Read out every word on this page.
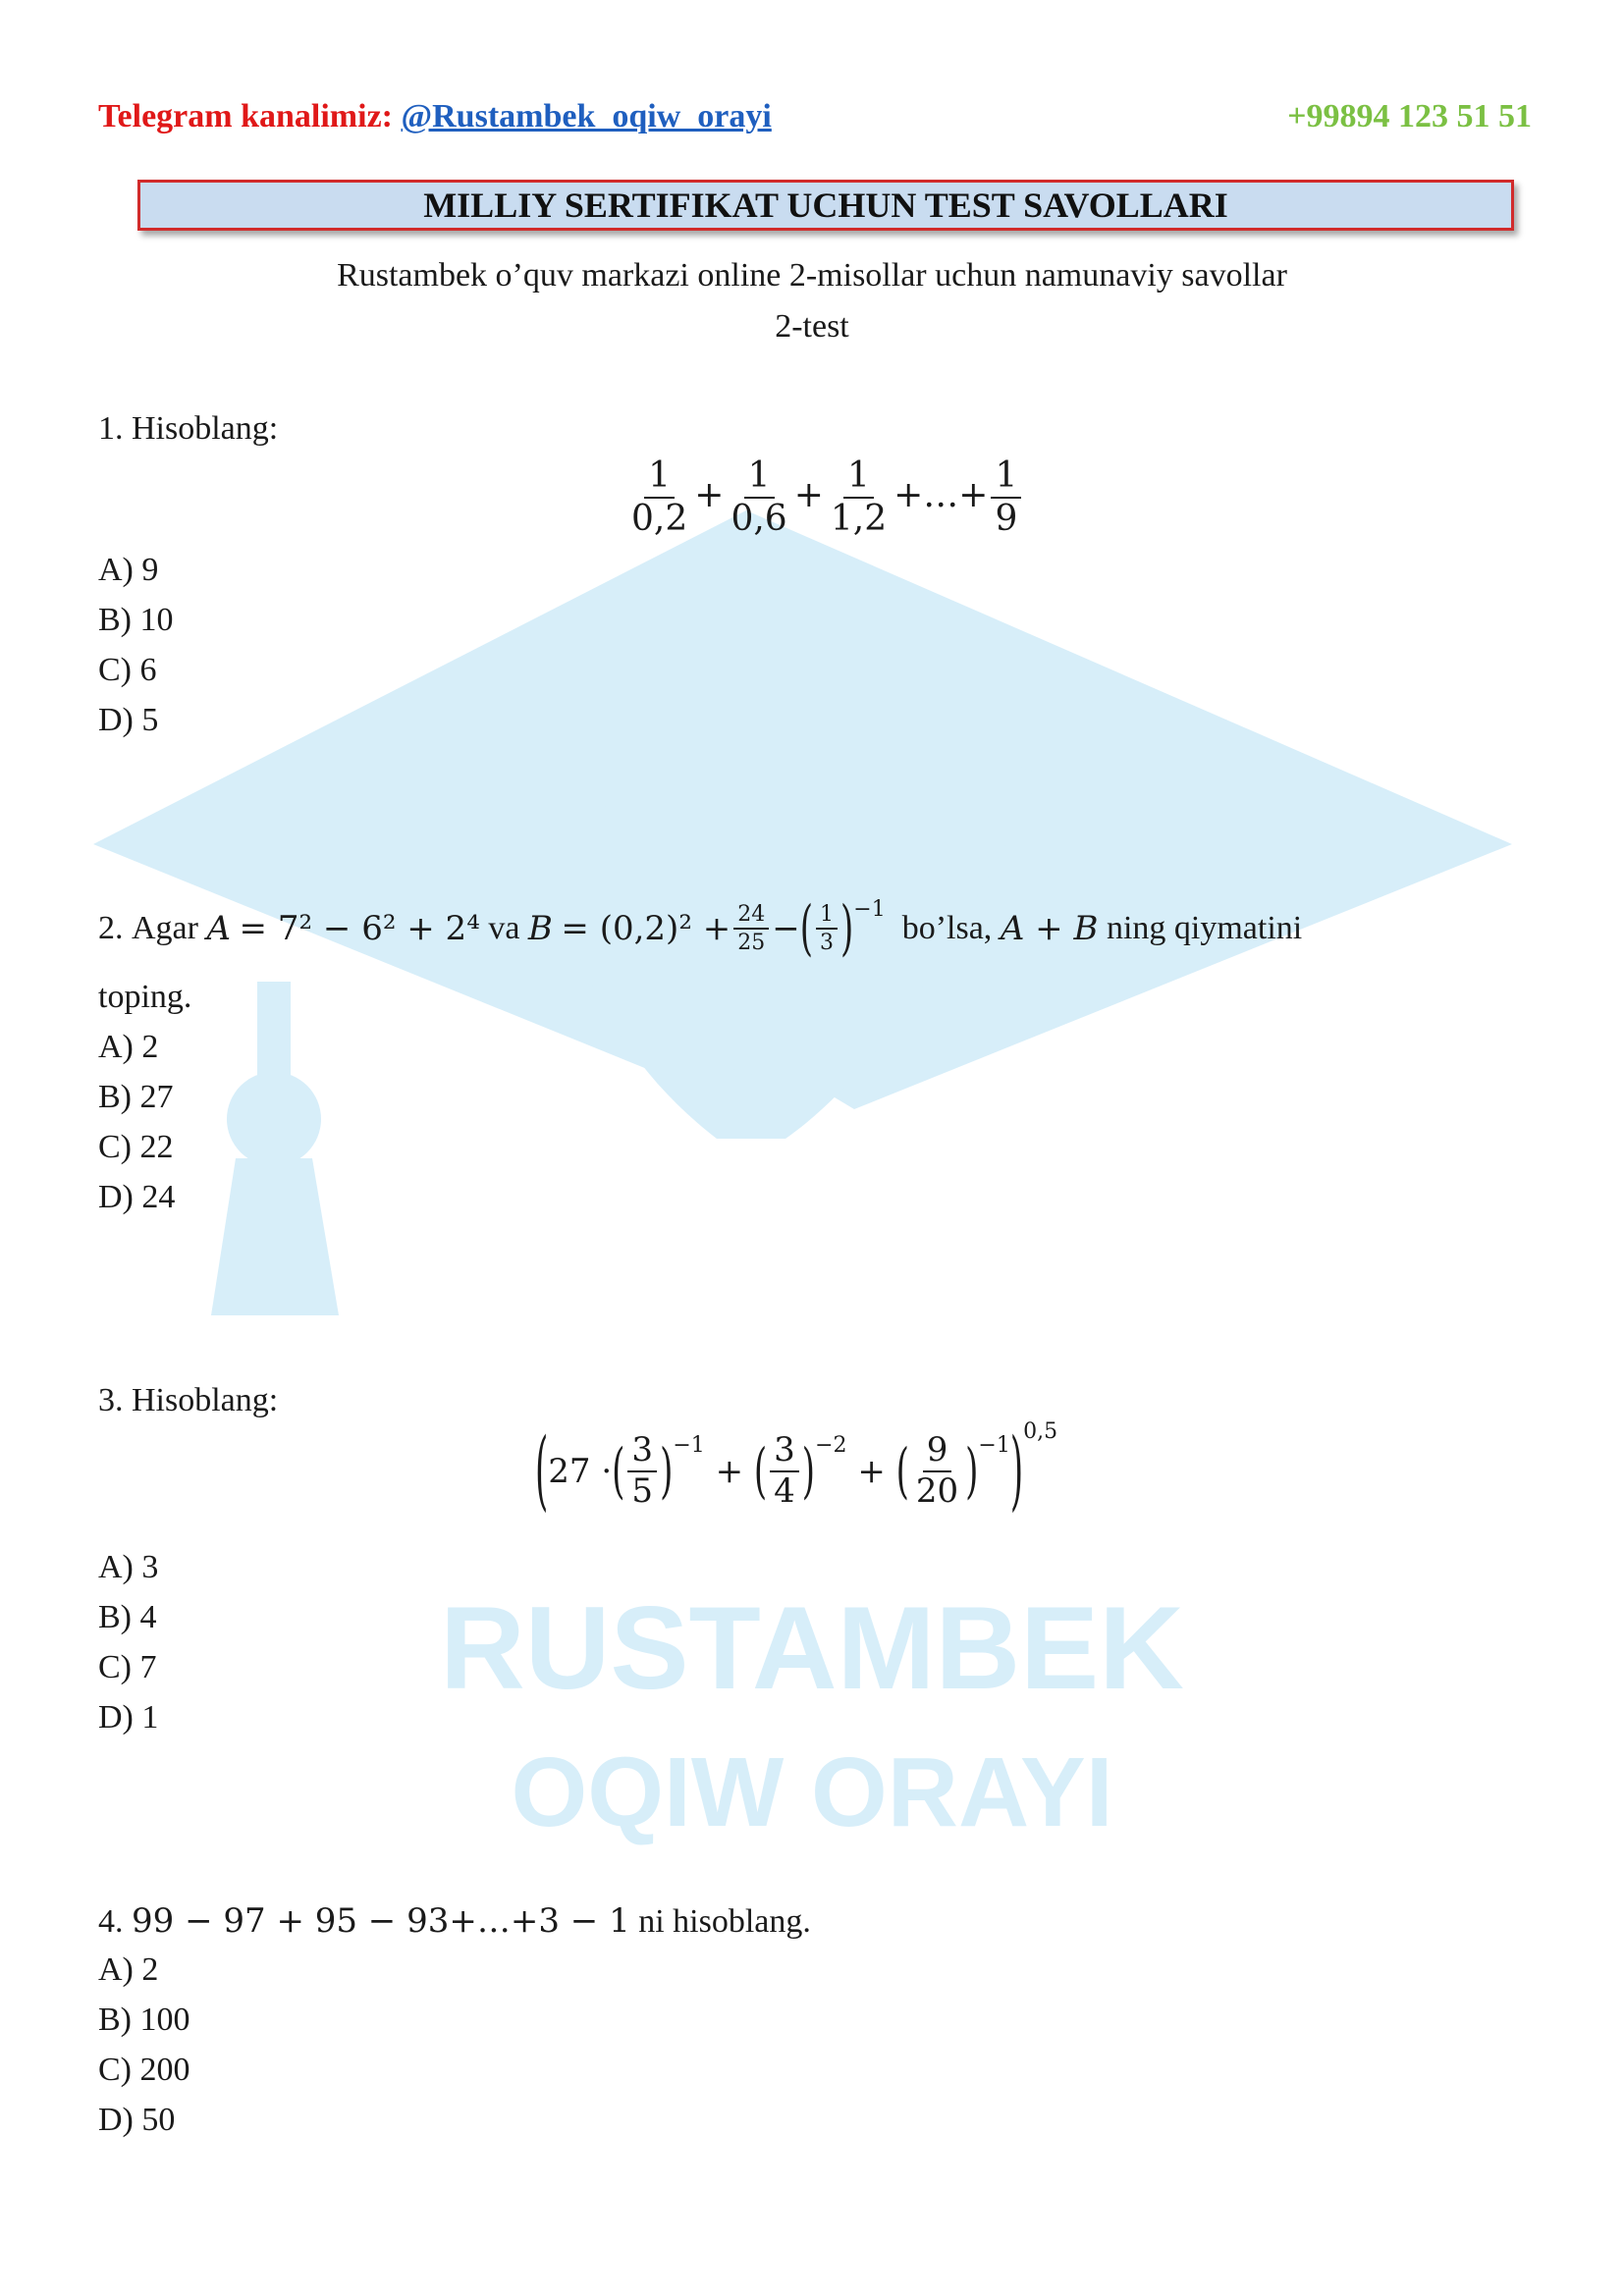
RUSTAMBEK
OQIW ORAYI
Telegram kanalimiz: @Rustambek_oqiw_orayi	+99894 123 51 51
MILLIY SERTIFIKAT UCHUN TEST SAVOLLARI
Rustambek o’quv markazi online 2-misollar uchun namunaviy savollar
2-test
1. Hisoblang:
$\frac{1}{0,2} + \frac{1}{0,6} + \frac{1}{1,2}$ +…+ $\frac{1}{9}$
A) 9
B) 10
C) 6
D) 5
2.
Agar
A
= 7² − 6² + 2⁴
va
B
= $(0,2)^2 + \frac{24}{25}$ − ( $\frac{1}{3}$ ) −1

bo’lsa,
A + B
ning qiymatini
toping.
A) 2
B) 27
C) 22
D) 24
3. Hisoblang:
( 27 · ( $\frac{3}{5}$ ) −1

+
( $\frac{3}{4}$ ) −2

+
( $\frac{9}{20}$ ) −1 ) 0,5
A) 3
B) 4
C) 7
D) 1
4. 99 − 97 + 95 − 93+…+3 − 1 ni hisoblang.
A) 2
B) 100
C) 200
D) 50
